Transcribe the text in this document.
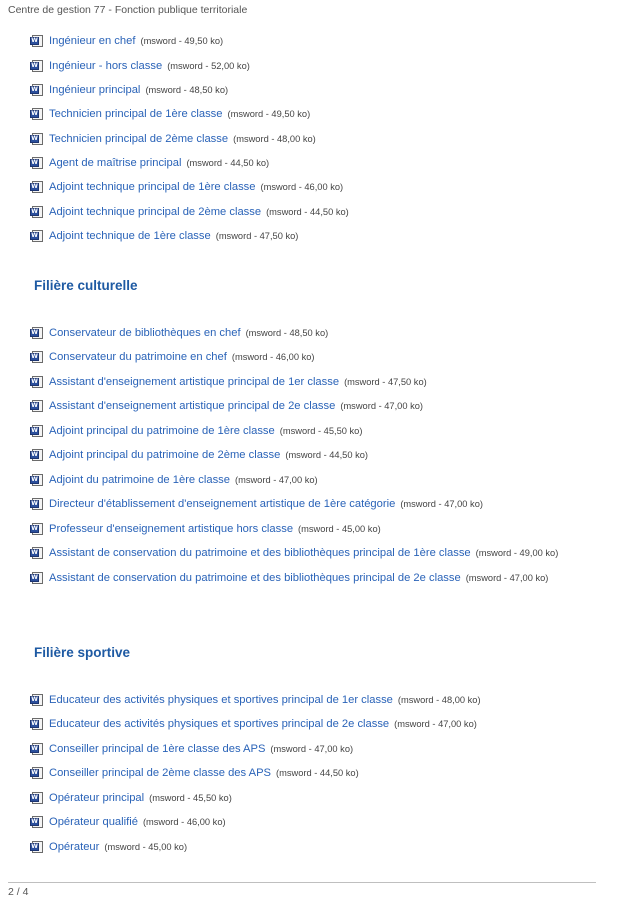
Centre de gestion 77 - Fonction publique territoriale
W Ingénieur en chef (msword - 49,50 ko)
W Ingénieur - hors classe (msword - 52,00 ko)
W Ingénieur principal (msword - 48,50 ko)
W Technicien principal de 1ère classe (msword - 49,50 ko)
W Technicien principal de 2ème classe (msword - 48,00 ko)
W Agent de maîtrise principal (msword - 44,50 ko)
W Adjoint technique principal de 1ère classe (msword - 46,00 ko)
W Adjoint technique principal de 2ème classe (msword - 44,50 ko)
W Adjoint technique de 1ère classe (msword - 47,50 ko)
Filière culturelle
W Conservateur de bibliothèques en chef (msword - 48,50 ko)
W Conservateur du patrimoine en chef (msword - 46,00 ko)
W Assistant d'enseignement artistique principal de 1er classe (msword - 47,50 ko)
W Assistant d'enseignement artistique principal de 2e classe (msword - 47,00 ko)
W Adjoint principal du patrimoine de 1ère classe (msword - 45,50 ko)
W Adjoint principal du patrimoine de 2ème classe (msword - 44,50 ko)
W Adjoint du patrimoine de 1ère classe (msword - 47,00 ko)
W Directeur d'établissement d'enseignement artistique de 1ère catégorie (msword - 47,00 ko)
W Professeur d'enseignement artistique hors classe (msword - 45,00 ko)
W Assistant de conservation du patrimoine et des bibliothèques principal de 1ère classe (msword - 49,00 ko)
W Assistant de conservation du patrimoine et des bibliothèques principal de 2e classe (msword - 47,00 ko)
Filière sportive
W Educateur des activités physiques et sportives principal de 1er classe (msword - 48,00 ko)
W Educateur des activités physiques et sportives principal de 2e classe (msword - 47,00 ko)
W Conseiller principal de 1ère classe des APS (msword - 47,00 ko)
W Conseiller principal de 2ème classe des APS (msword - 44,50 ko)
W Opérateur principal (msword - 45,50 ko)
W Opérateur qualifié (msword - 46,00 ko)
W Opérateur (msword - 45,00 ko)
2 / 4
